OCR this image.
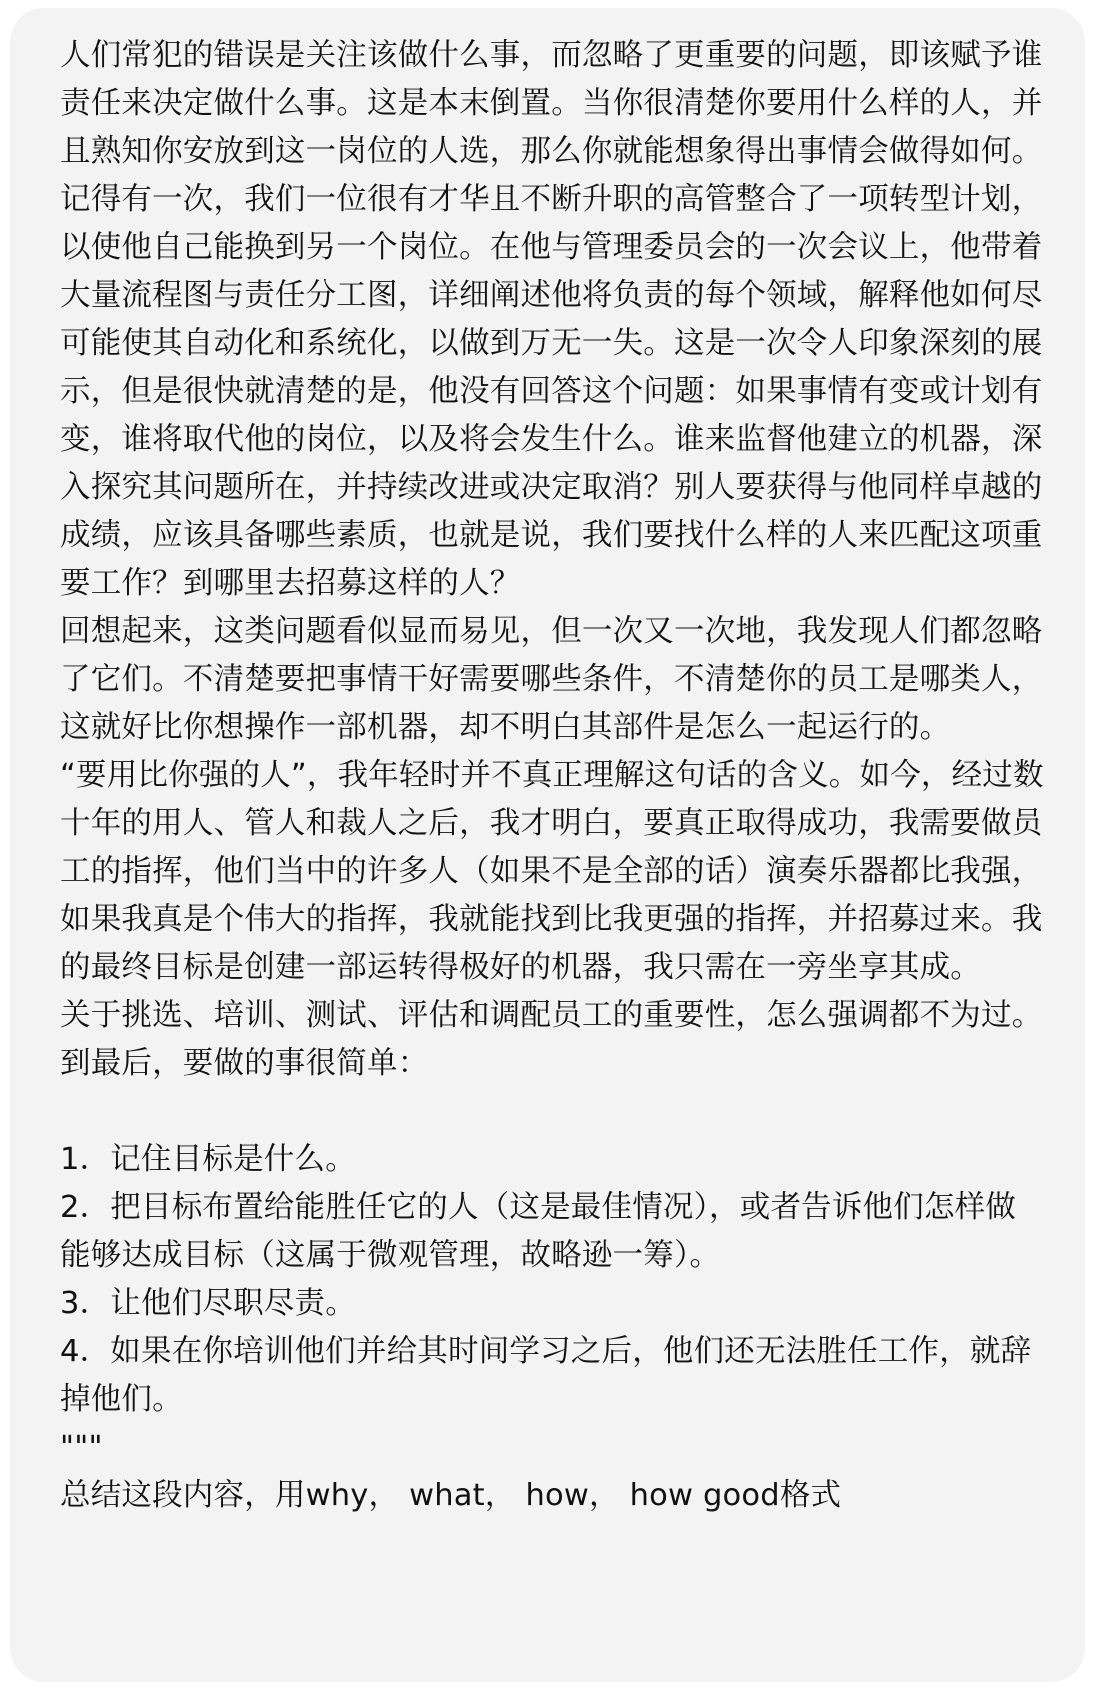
人们常犯的错误是关注该做什么事，而忽略了更重要的问题，即该赋予谁责任来决定做什么事。这是本末倒置。当你很清楚你要用什么样的人，并且熟知你安放到这一岗位的人选，那么你就能想象得出事情会做得如何。

记得有一次，我们一位很有才华且不断升职的高管整合了一项转型计划，以使他自己能换到另一个岗位。在他与管理委员会的一次会议上，他带着大量流程图与责任分工图，详细阐述他将负责的每个领域，解释他如何尽可能使其自动化和系统化，以做到万无一失。这是一次令人印象深刻的展示，但是很快就清楚的是，他没有回答这个问题：如果事情有变或计划有变，谁将取代他的岗位，以及将会发生什么。谁来监督他建立的机器，深入探究其问题所在，并持续改进或决定取消？别人要获得与他同样卓越的成绩，应该具备哪些素质，也就是说，我们要找什么样的人来匹配这项重要工作？到哪里去招募这样的人？

回想起来，这类问题看似显而易见，但一次又一次地，我发现人们都忽略了它们。不清楚要把事情干好需要哪些条件，不清楚你的员工是哪类人，这就好比你想操作一部机器，却不明白其部件是怎么一起运行的。

“要用比你强的人”，我年轻时并不真正理解这句话的含义。如今，经过数十年的用人、管人和裁人之后，我才明白，要真正取得成功，我需要做员工的指挥，他们当中的许多人（如果不是全部的话）演奏乐器都比我强，如果我真是个伟大的指挥，我就能找到比我更强的指挥，并招募过来。我的最终目标是创建一部运转得极好的机器，我只需在一旁坐享其成。

关于挑选、培训、测试、评估和调配员工的重要性，怎么强调都不为过。

到最后，要做的事很简单：

1．记住目标是什么。

2．把目标布置给能胜任它的人（这是最佳情况），或者告诉他们怎样做能够达成目标（这属于微观管理，故略逊一筹）。

3．让他们尽职尽责。

4．如果在你培训他们并给其时间学习之后，他们还无法胜任工作，就辞掉他们。

"""

总结这段内容，用why， what， how， how good格式
